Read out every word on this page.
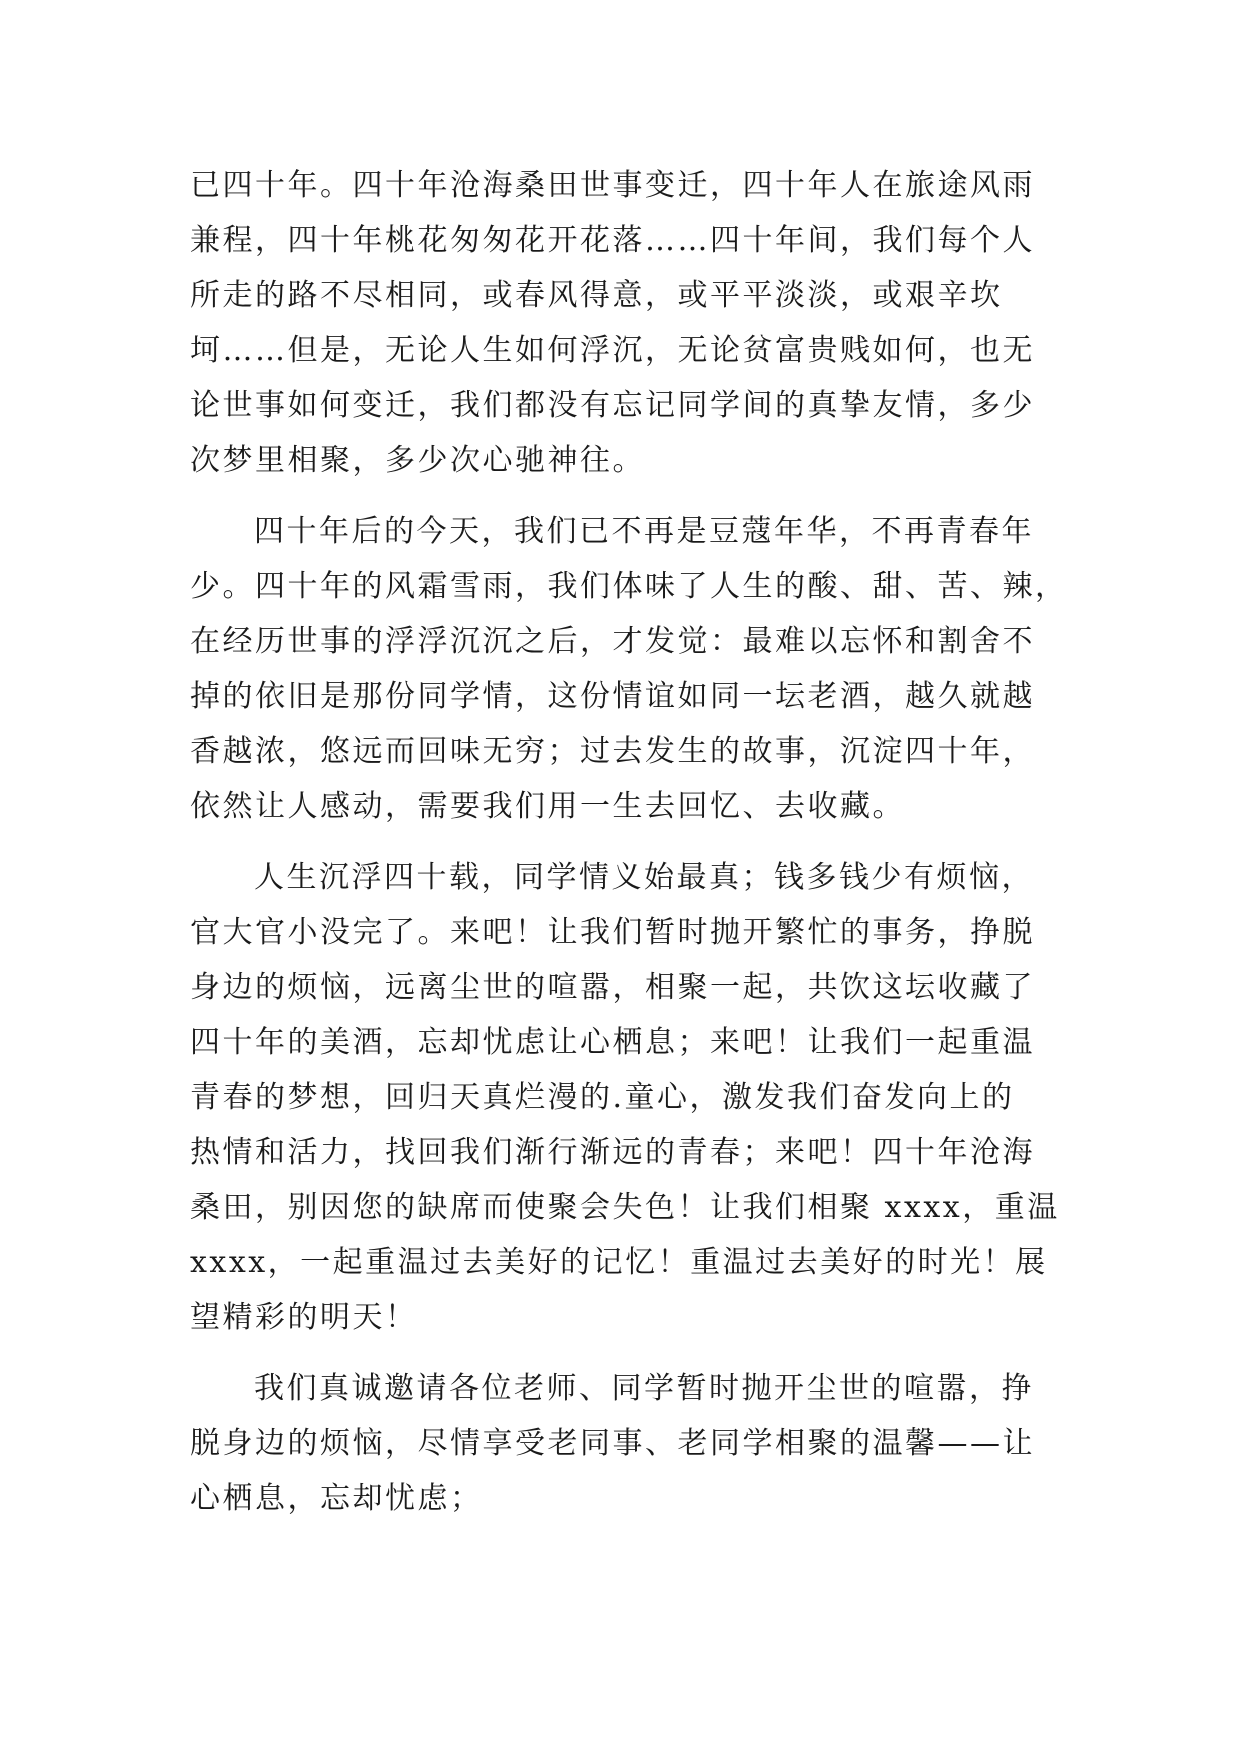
已四十年。四十年沧海桑田世事变迁，四十年人在旅途风雨
兼程，四十年桃花匆匆花开花落……四十年间，我们每个人
所走的路不尽相同，或春风得意，或平平淡淡，或艰辛坎
坷……但是，无论人生如何浮沉，无论贫富贵贱如何，也无
论世事如何变迁，我们都没有忘记同学间的真挚友情，多少
次梦里相聚，多少次心驰神往。
四十年后的今天，我们已不再是豆蔻年华，不再青春年
少。四十年的风霜雪雨，我们体味了人生的酸、甜、苦、辣，
在经历世事的浮浮沉沉之后，才发觉：最难以忘怀和割舍不
掉的依旧是那份同学情，这份情谊如同一坛老酒，越久就越
香越浓，悠远而回味无穷；过去发生的故事，沉淀四十年，
依然让人感动，需要我们用一生去回忆、去收藏。
人生沉浮四十载，同学情义始最真；钱多钱少有烦恼，
官大官小没完了。来吧！让我们暂时抛开繁忙的事务，挣脱
身边的烦恼，远离尘世的喧嚣，相聚一起，共饮这坛收藏了
四十年的美酒，忘却忧虑让心栖息；来吧！让我们一起重温
青春的梦想，回归天真烂漫的.童心，激发我们奋发向上的
热情和活力，找回我们渐行渐远的青春；来吧！四十年沧海
桑田，别因您的缺席而使聚会失色！让我们相聚 xxxx，重温
xxxx，一起重温过去美好的记忆！重温过去美好的时光！展
望精彩的明天！
我们真诚邀请各位老师、同学暂时抛开尘世的喧嚣，挣
脱身边的烦恼，尽情享受老同事、老同学相聚的温馨——让
心栖息，忘却忧虑；
